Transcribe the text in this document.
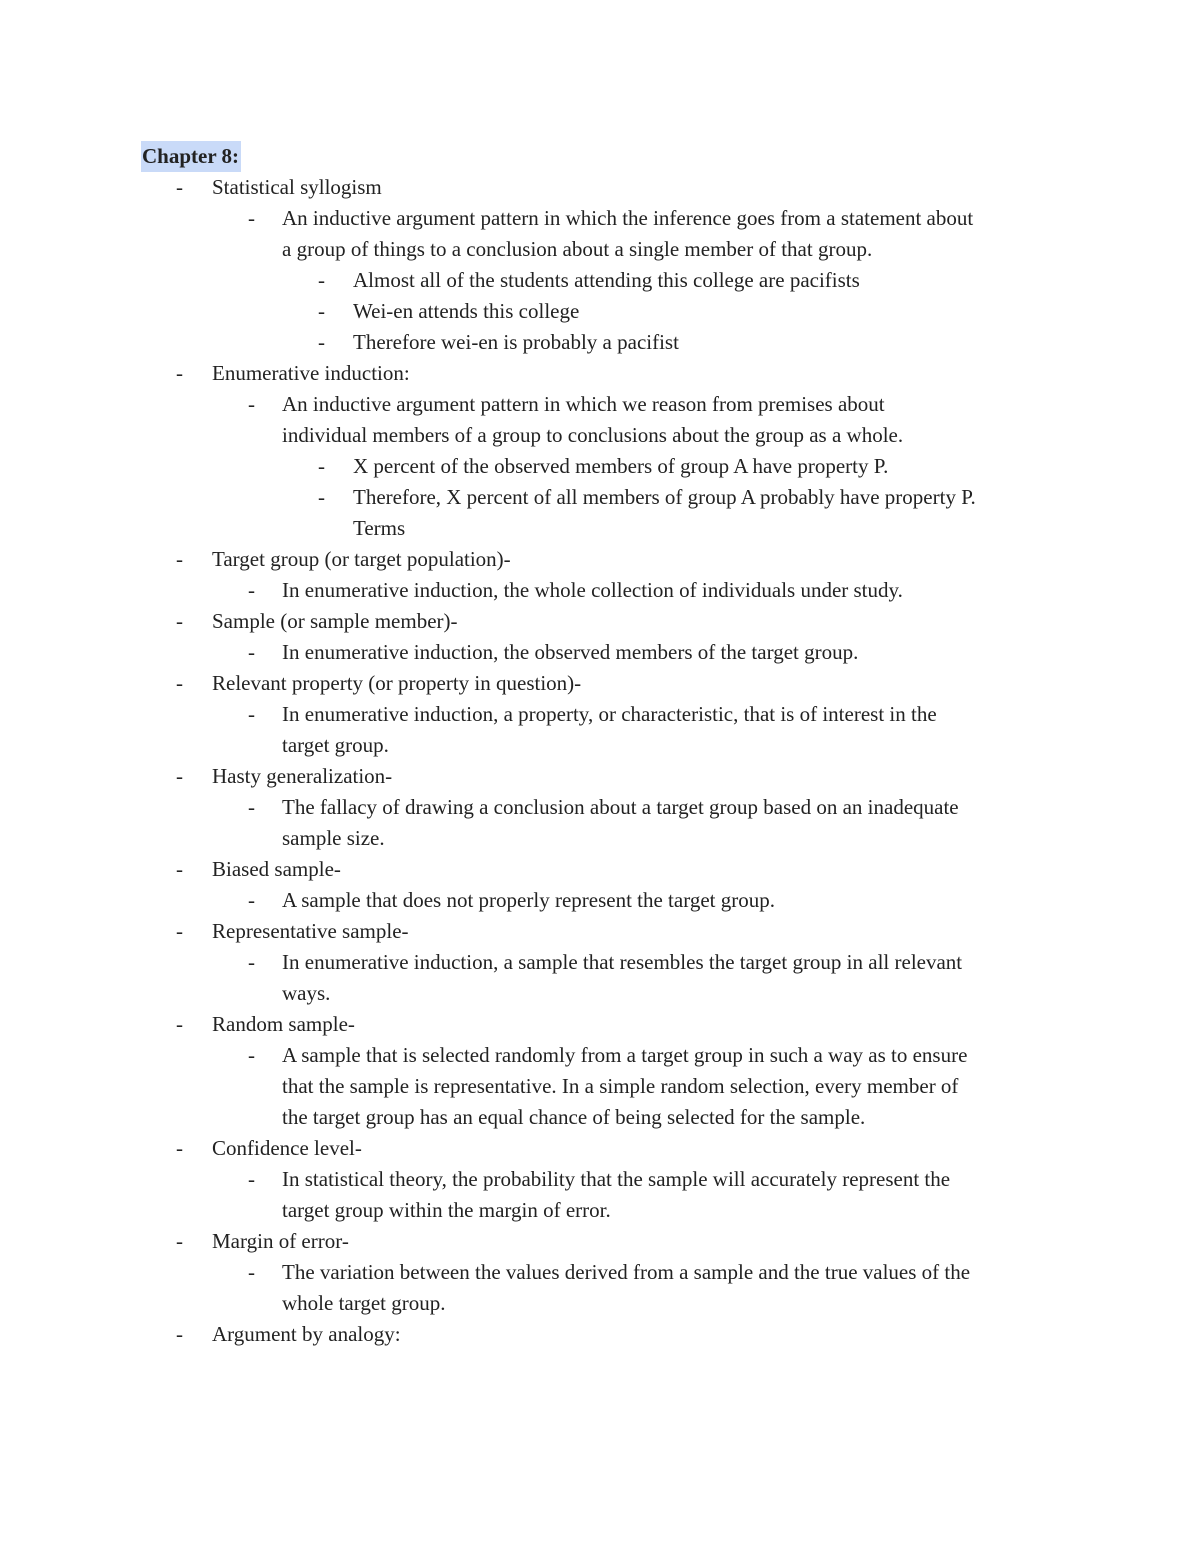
Chapter 8:
- Statistical syllogism
- An inductive argument pattern in which the inference goes from a statement about
a group of things to a conclusion about a single member of that group.
- Almost all of the students attending this college are pacifists
- Wei-en attends this college
- Therefore wei-en is probably a pacifist
- Enumerative induction:
- An inductive argument pattern in which we reason from premises about
individual members of a group to conclusions about the group as a whole.
- X percent of the observed members of group A have property P.
- Therefore, X percent of all members of group A probably have property P.
Terms
- Target group (or target population)-
- In enumerative induction, the whole collection of individuals under study.
- Sample (or sample member)-
- In enumerative induction, the observed members of the target group.
- Relevant property (or property in question)-
- In enumerative induction, a property, or characteristic, that is of interest in the
target group.
- Hasty generalization-
- The fallacy of drawing a conclusion about a target group based on an inadequate
sample size.
- Biased sample-
- A sample that does not properly represent the target group.
- Representative sample-
- In enumerative induction, a sample that resembles the target group in all relevant
ways.
- Random sample-
- A sample that is selected randomly from a target group in such a way as to ensure
that the sample is representative. In a simple random selection, every member of
the target group has an equal chance of being selected for the sample.
- Confidence level-
- In statistical theory, the probability that the sample will accurately represent the
target group within the margin of error.
- Margin of error-
- The variation between the values derived from a sample and the true values of the
whole target group.
- Argument by analogy:
